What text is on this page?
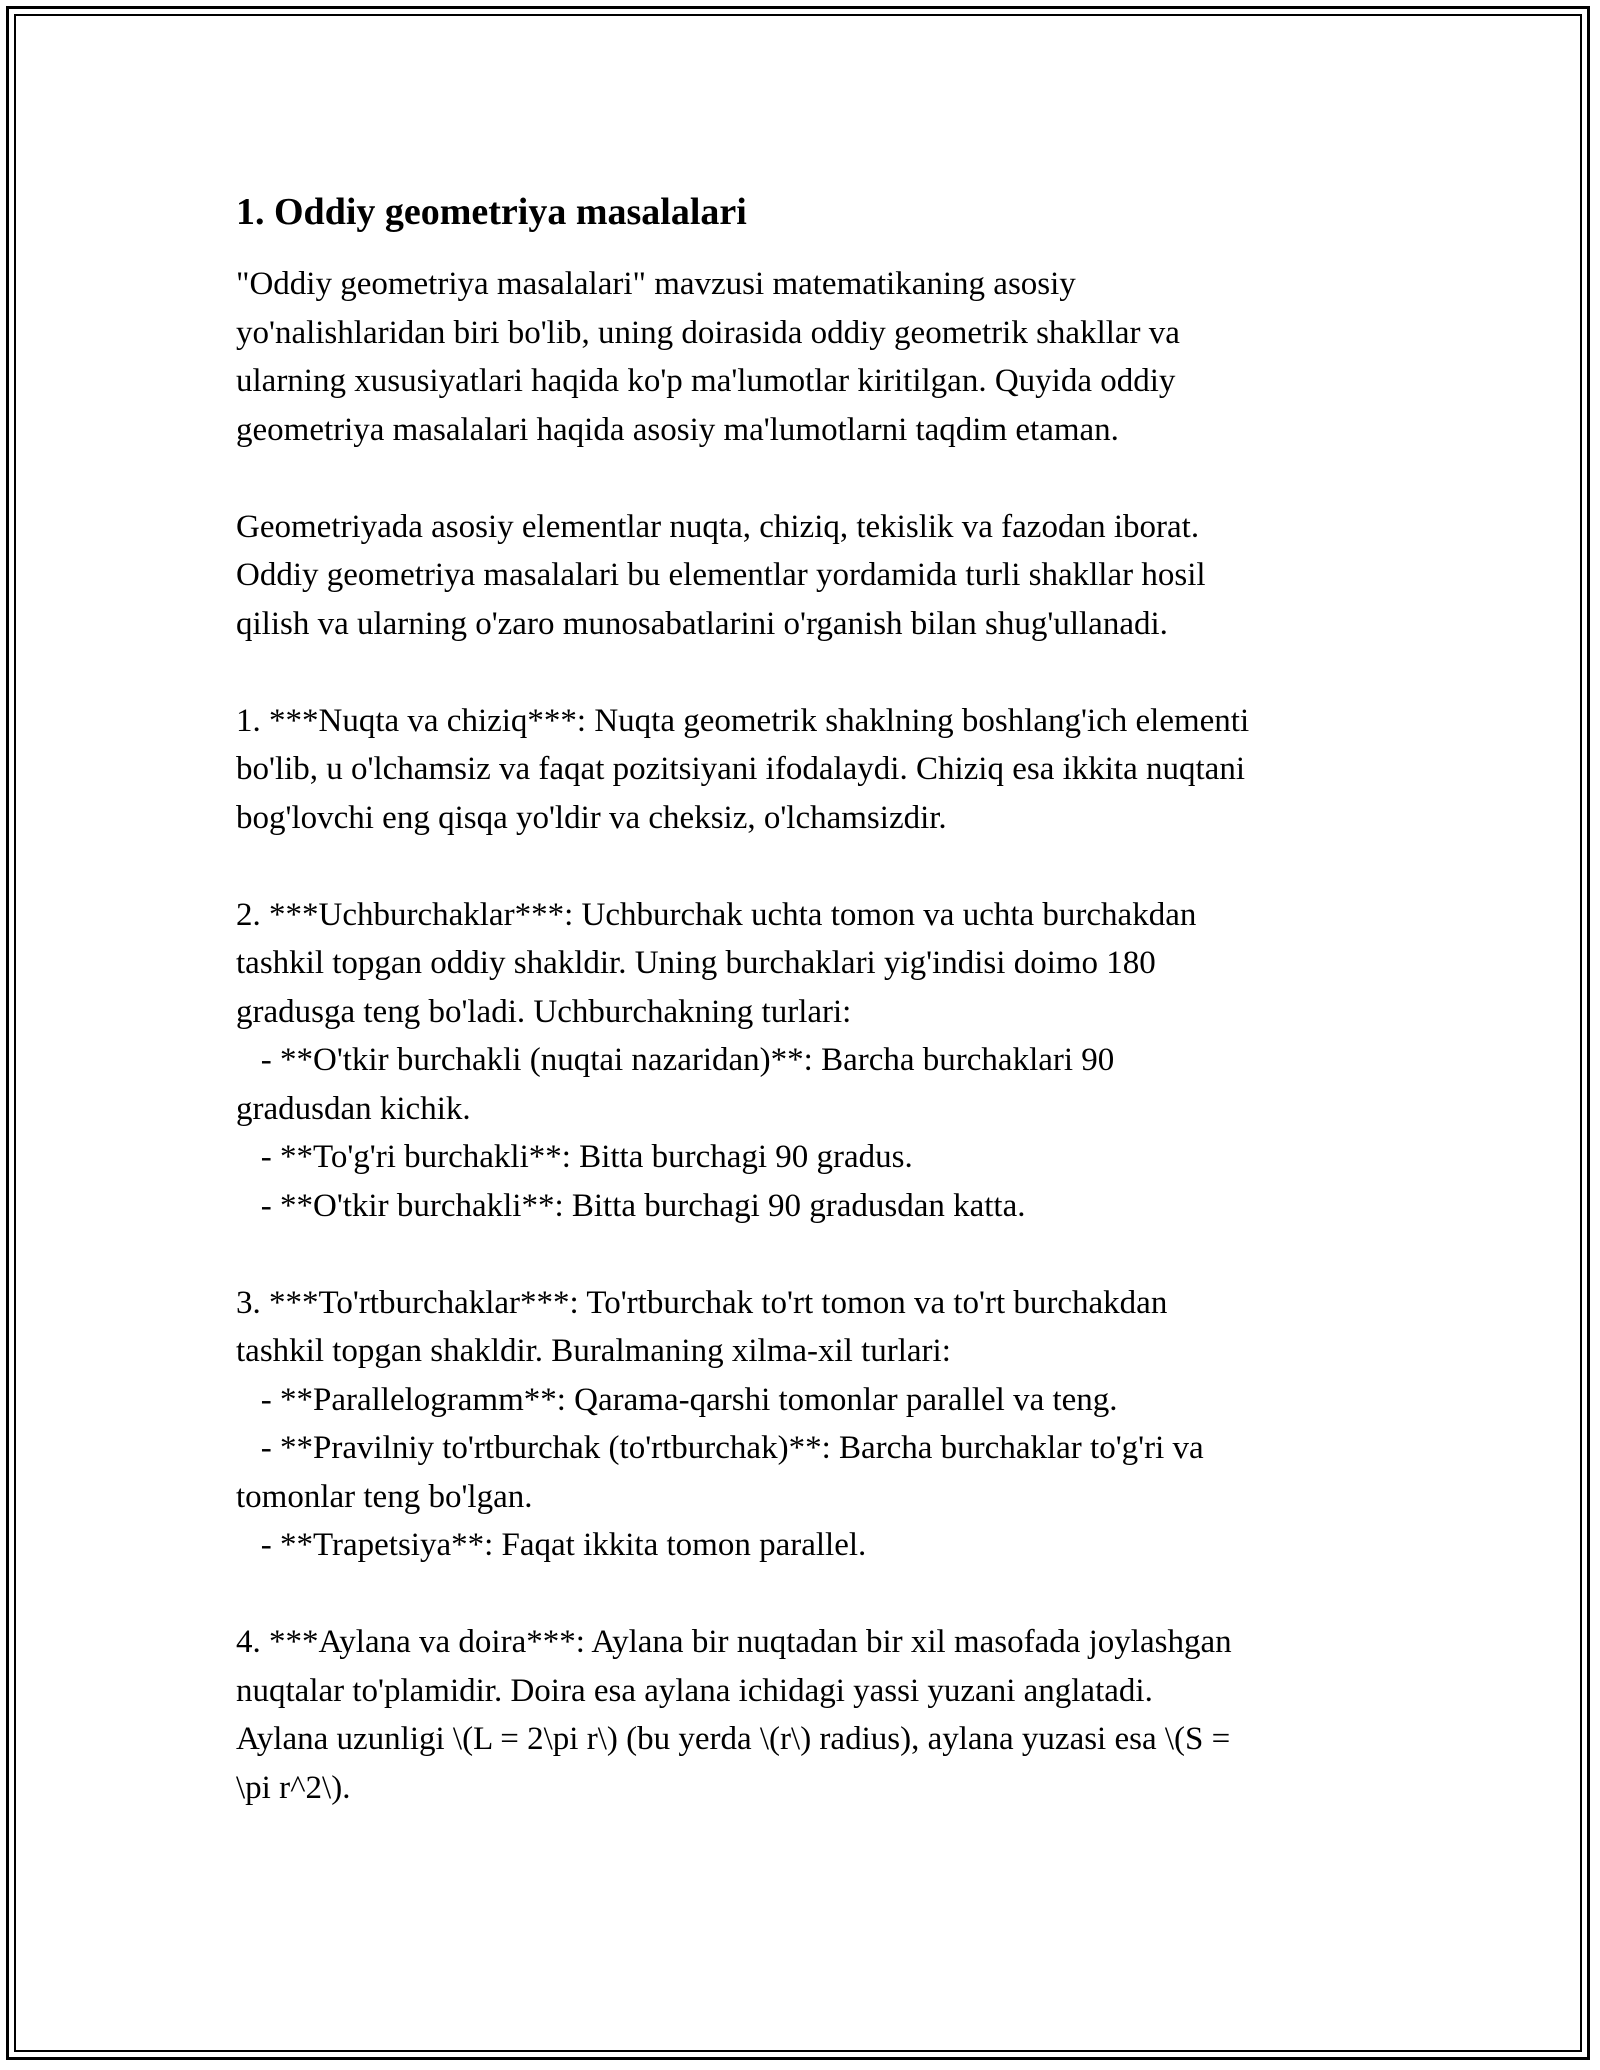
1. Oddiy geometriya masalalari

"Oddiy geometriya masalalari" mavzusi matematikaning asosiy
yo'nalishlaridan biri bo'lib, uning doirasida oddiy geometrik shakllar va
ularning xususiyatlari haqida ko'p ma'lumotlar kiritilgan. Quyida oddiy
geometriya masalalari haqida asosiy ma'lumotlarni taqdim etaman.

Geometriyada asosiy elementlar nuqta, chiziq, tekislik va fazodan iborat.
Oddiy geometriya masalalari bu elementlar yordamida turli shakllar hosil
qilish va ularning o'zaro munosabatlarini o'rganish bilan shug'ullanadi.

1. ***Nuqta va chiziq***: Nuqta geometrik shaklning boshlang'ich elementi
bo'lib, u o'lchamsiz va faqat pozitsiyani ifodalaydi. Chiziq esa ikkita nuqtani
bog'lovchi eng qisqa yo'ldir va cheksiz, o'lchamsizdir.

2. ***Uchburchaklar***: Uchburchak uchta tomon va uchta burchakdan
tashkil topgan oddiy shakldir. Uning burchaklari yig'indisi doimo 180
gradusga teng bo'ladi. Uchburchakning turlari:
- **O'tkir burchakli (nuqtai nazaridan)**: Barcha burchaklari 90
gradusdan kichik.
- **To'g'ri burchakli**: Bitta burchagi 90 gradus.
- **O'tkir burchakli**: Bitta burchagi 90 gradusdan katta.

3. ***To'rtburchaklar***: To'rtburchak to'rt tomon va to'rt burchakdan
tashkil topgan shakldir. Buralmaning xilma-xil turlari:
- **Parallelogramm**: Qarama-qarshi tomonlar parallel va teng.
- **Pravilniy to'rtburchak (to'rtburchak)**: Barcha burchaklar to'g'ri va
tomonlar teng bo'lgan.
- **Trapetsiya**: Faqat ikkita tomon parallel.

4. ***Aylana va doira***: Aylana bir nuqtadan bir xil masofada joylashgan
nuqtalar to'plamidir. Doira esa aylana ichidagi yassi yuzani anglatadi.
Aylana uzunligi \(L = 2\pi r\) (bu yerda \(r\) radius), aylana yuzasi esa \(S =
\pi r^2\).
